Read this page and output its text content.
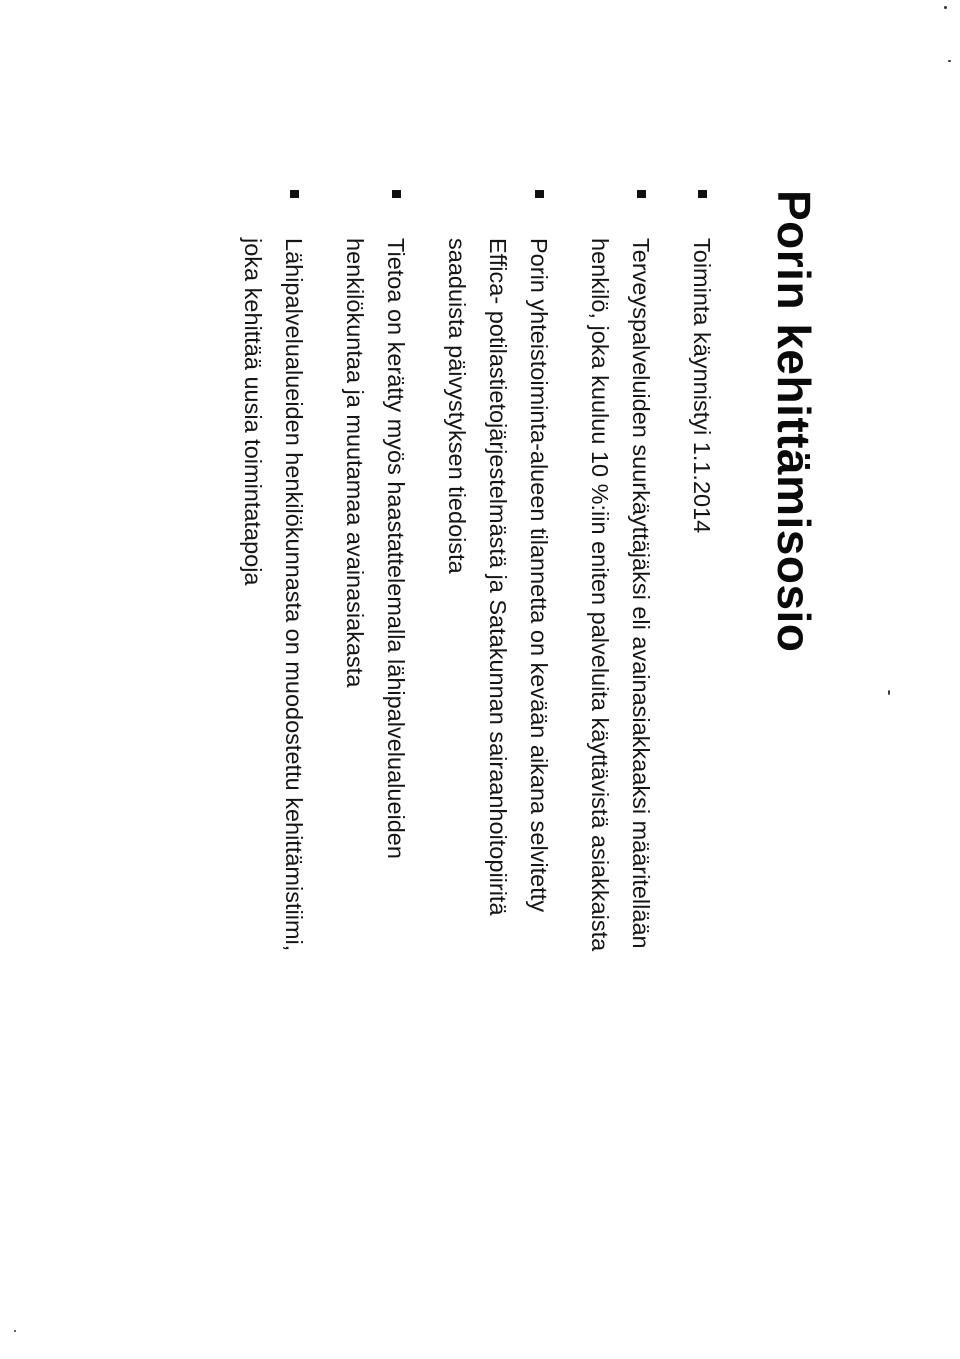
Porin kehittämisosio
Toiminta käynnistyi 1.1.2014
Terveyspalveluiden suurkäyttäjäksi eli avainasiakkaaksi määritellään
henkilö, joka kuuluu 10 %:iin eniten palveluita käyttävistä asiakkaista
Porin yhteistoiminta-alueen tilannetta on kevään aikana selvitetty
Effica- potilastietojärjestelmästä ja Satakunnan sairaanhoitopiiritä
saaduista päivystyksen tiedoista
Tietoa on kerätty myös haastattelemalla lähipalvelualueiden
henkilökuntaa ja muutamaa avainasiakasta
Lähipalvelualueiden henkilökunnasta on muodostettu kehittämistiimi,
joka kehittää uusia toimintatapoja
